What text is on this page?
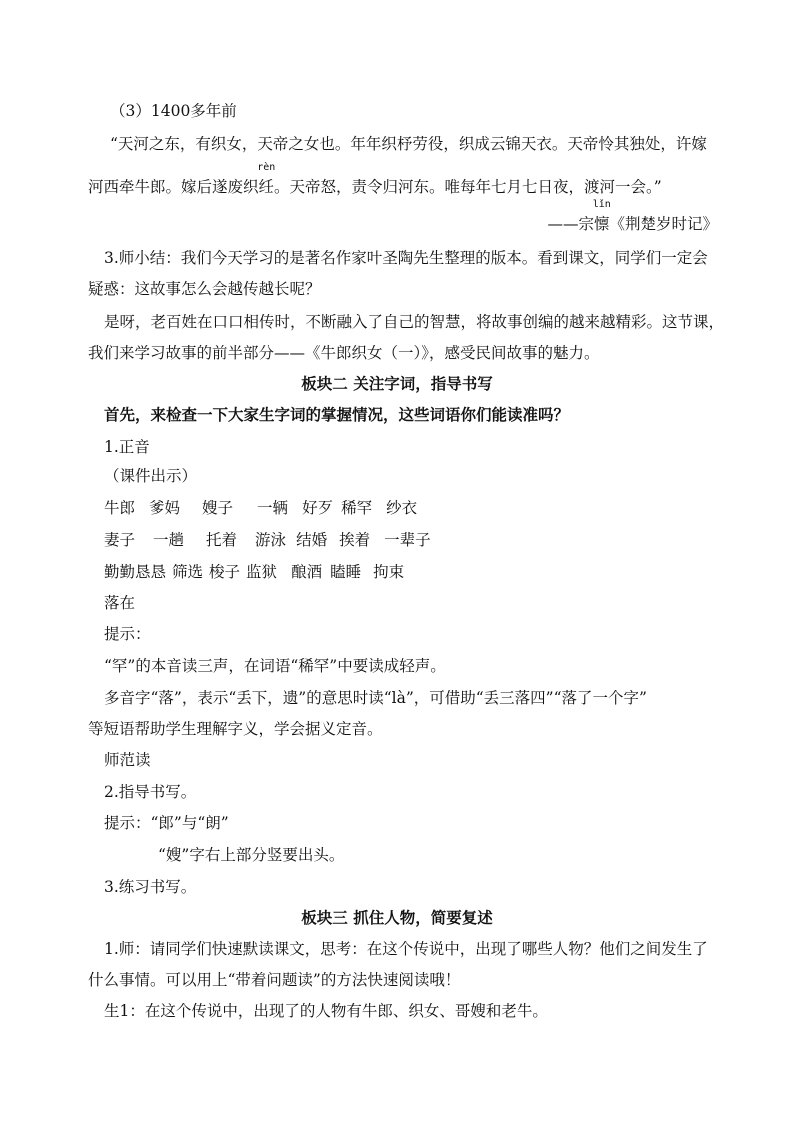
（3）1400多年前
“天河之东，有织女，天帝之女也。年年织杼劳役，织成云锦天衣。天帝怜其独处，许嫁
河西牵牛郎。嫁后遂废织
rèn
纴。天帝怒，责令归河东。唯每年七月七日夜，渡河一会。”
——宗
lǐn
懔《荆楚岁时记》
3.师小结：我们今天学习的是著名作家叶圣陶先生整理的版本。看到课文，同学们一定会
疑惑：这故事怎么会越传越长呢？
是呀，老百姓在口口相传时，不断融入了自己的智慧，将故事创编的越来越精彩。这节课，
我们来学习故事的前半部分——《牛郎织女（一）》，感受民间故事的魅力。
板块二 关注字词，指导书写
首先，来检查一下大家生字词的掌握情况，这些词语你们能读准吗？
1.正音
（课件出示）
牛郎 爹妈 嫂子 一辆 好歹 稀罕 纱衣
妻子 一趟 托着 游泳 结婚 挨着 一辈子
勤勤恳恳 筛选 梭子 监狱 酿酒 瞌睡 拘束
落在
提示：
“罕”的本音读三声，在词语“稀罕”中要读成轻声。
多音字“落”，表示“丢下，遗”的意思时读“là”，可借助“丢三落四”“落了一个字”
等短语帮助学生理解字义，学会据义定音。
师范读
2.指导书写。
提示：“郎”与“朗”
“嫂”字右上部分竖要出头。
3.练习书写。
板块三 抓住人物，简要复述
1.师：请同学们快速默读课文，思考：在这个传说中，出现了哪些人物？他们之间发生了
什么事情。可以用上“带着问题读”的方法快速阅读哦！
生1：在这个传说中，出现了的人物有牛郎、织女、哥嫂和老牛。
